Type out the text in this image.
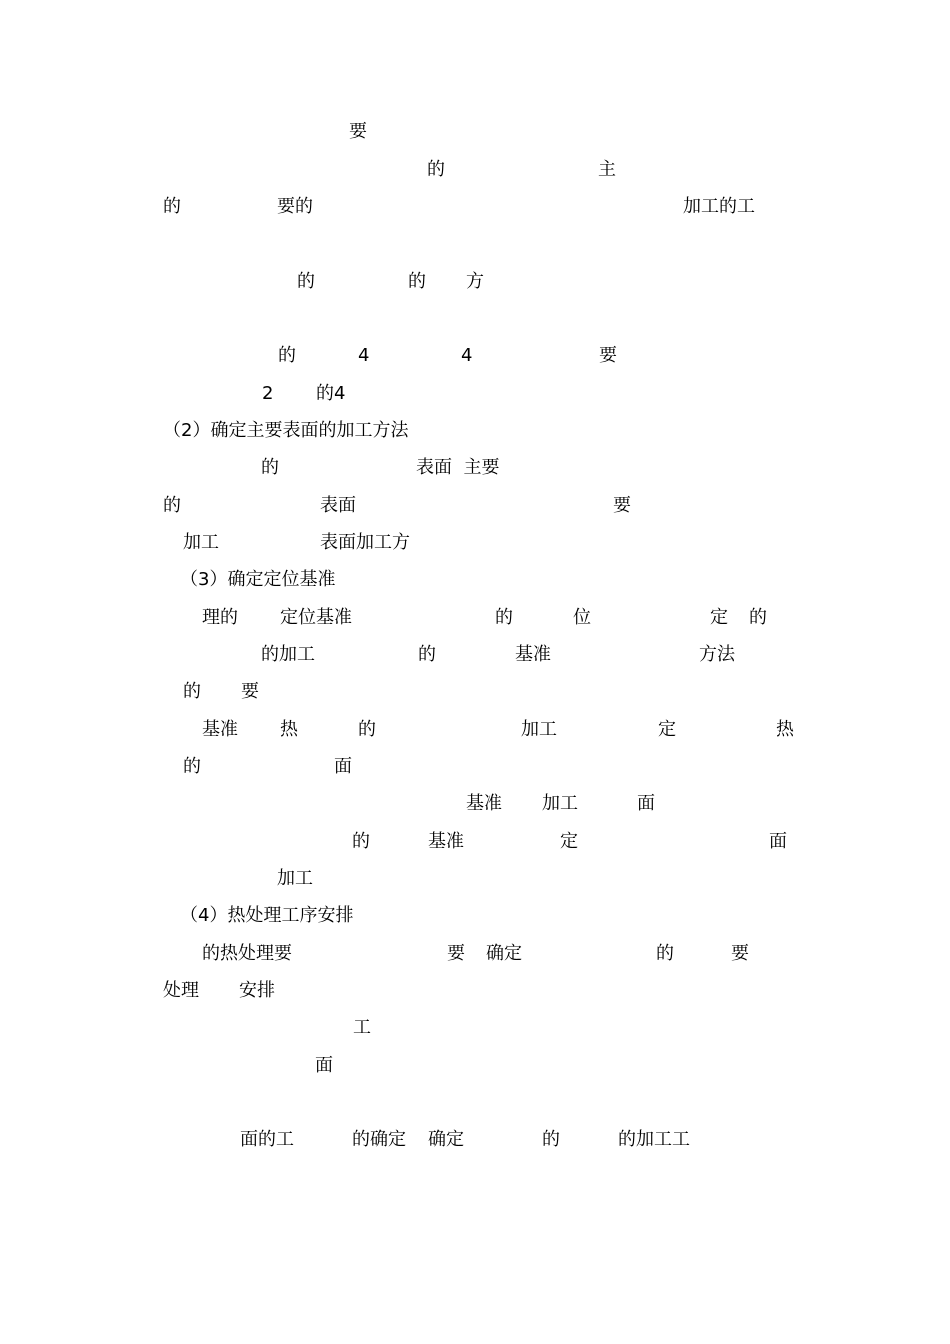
要
的	主
的	要的	加工的工
的	的 方
的	4	4	要
2 的4
（2）确定主要表面的加工方法
的	表面  主要
的	表面	要
加工	表面加工方
（3）确定定位基准
理的 定位基准	的	位	定 的
的加工	的	基准	方法
的 要
基准 热	的	加工	定	热
的	面
基准 加工	面
的	基准	定	面
加工
（4）热处理工序安排
的热处理要	要 确定	的	要
处理 安排
工
面
面的工	的确定 确定	的	的加工工
